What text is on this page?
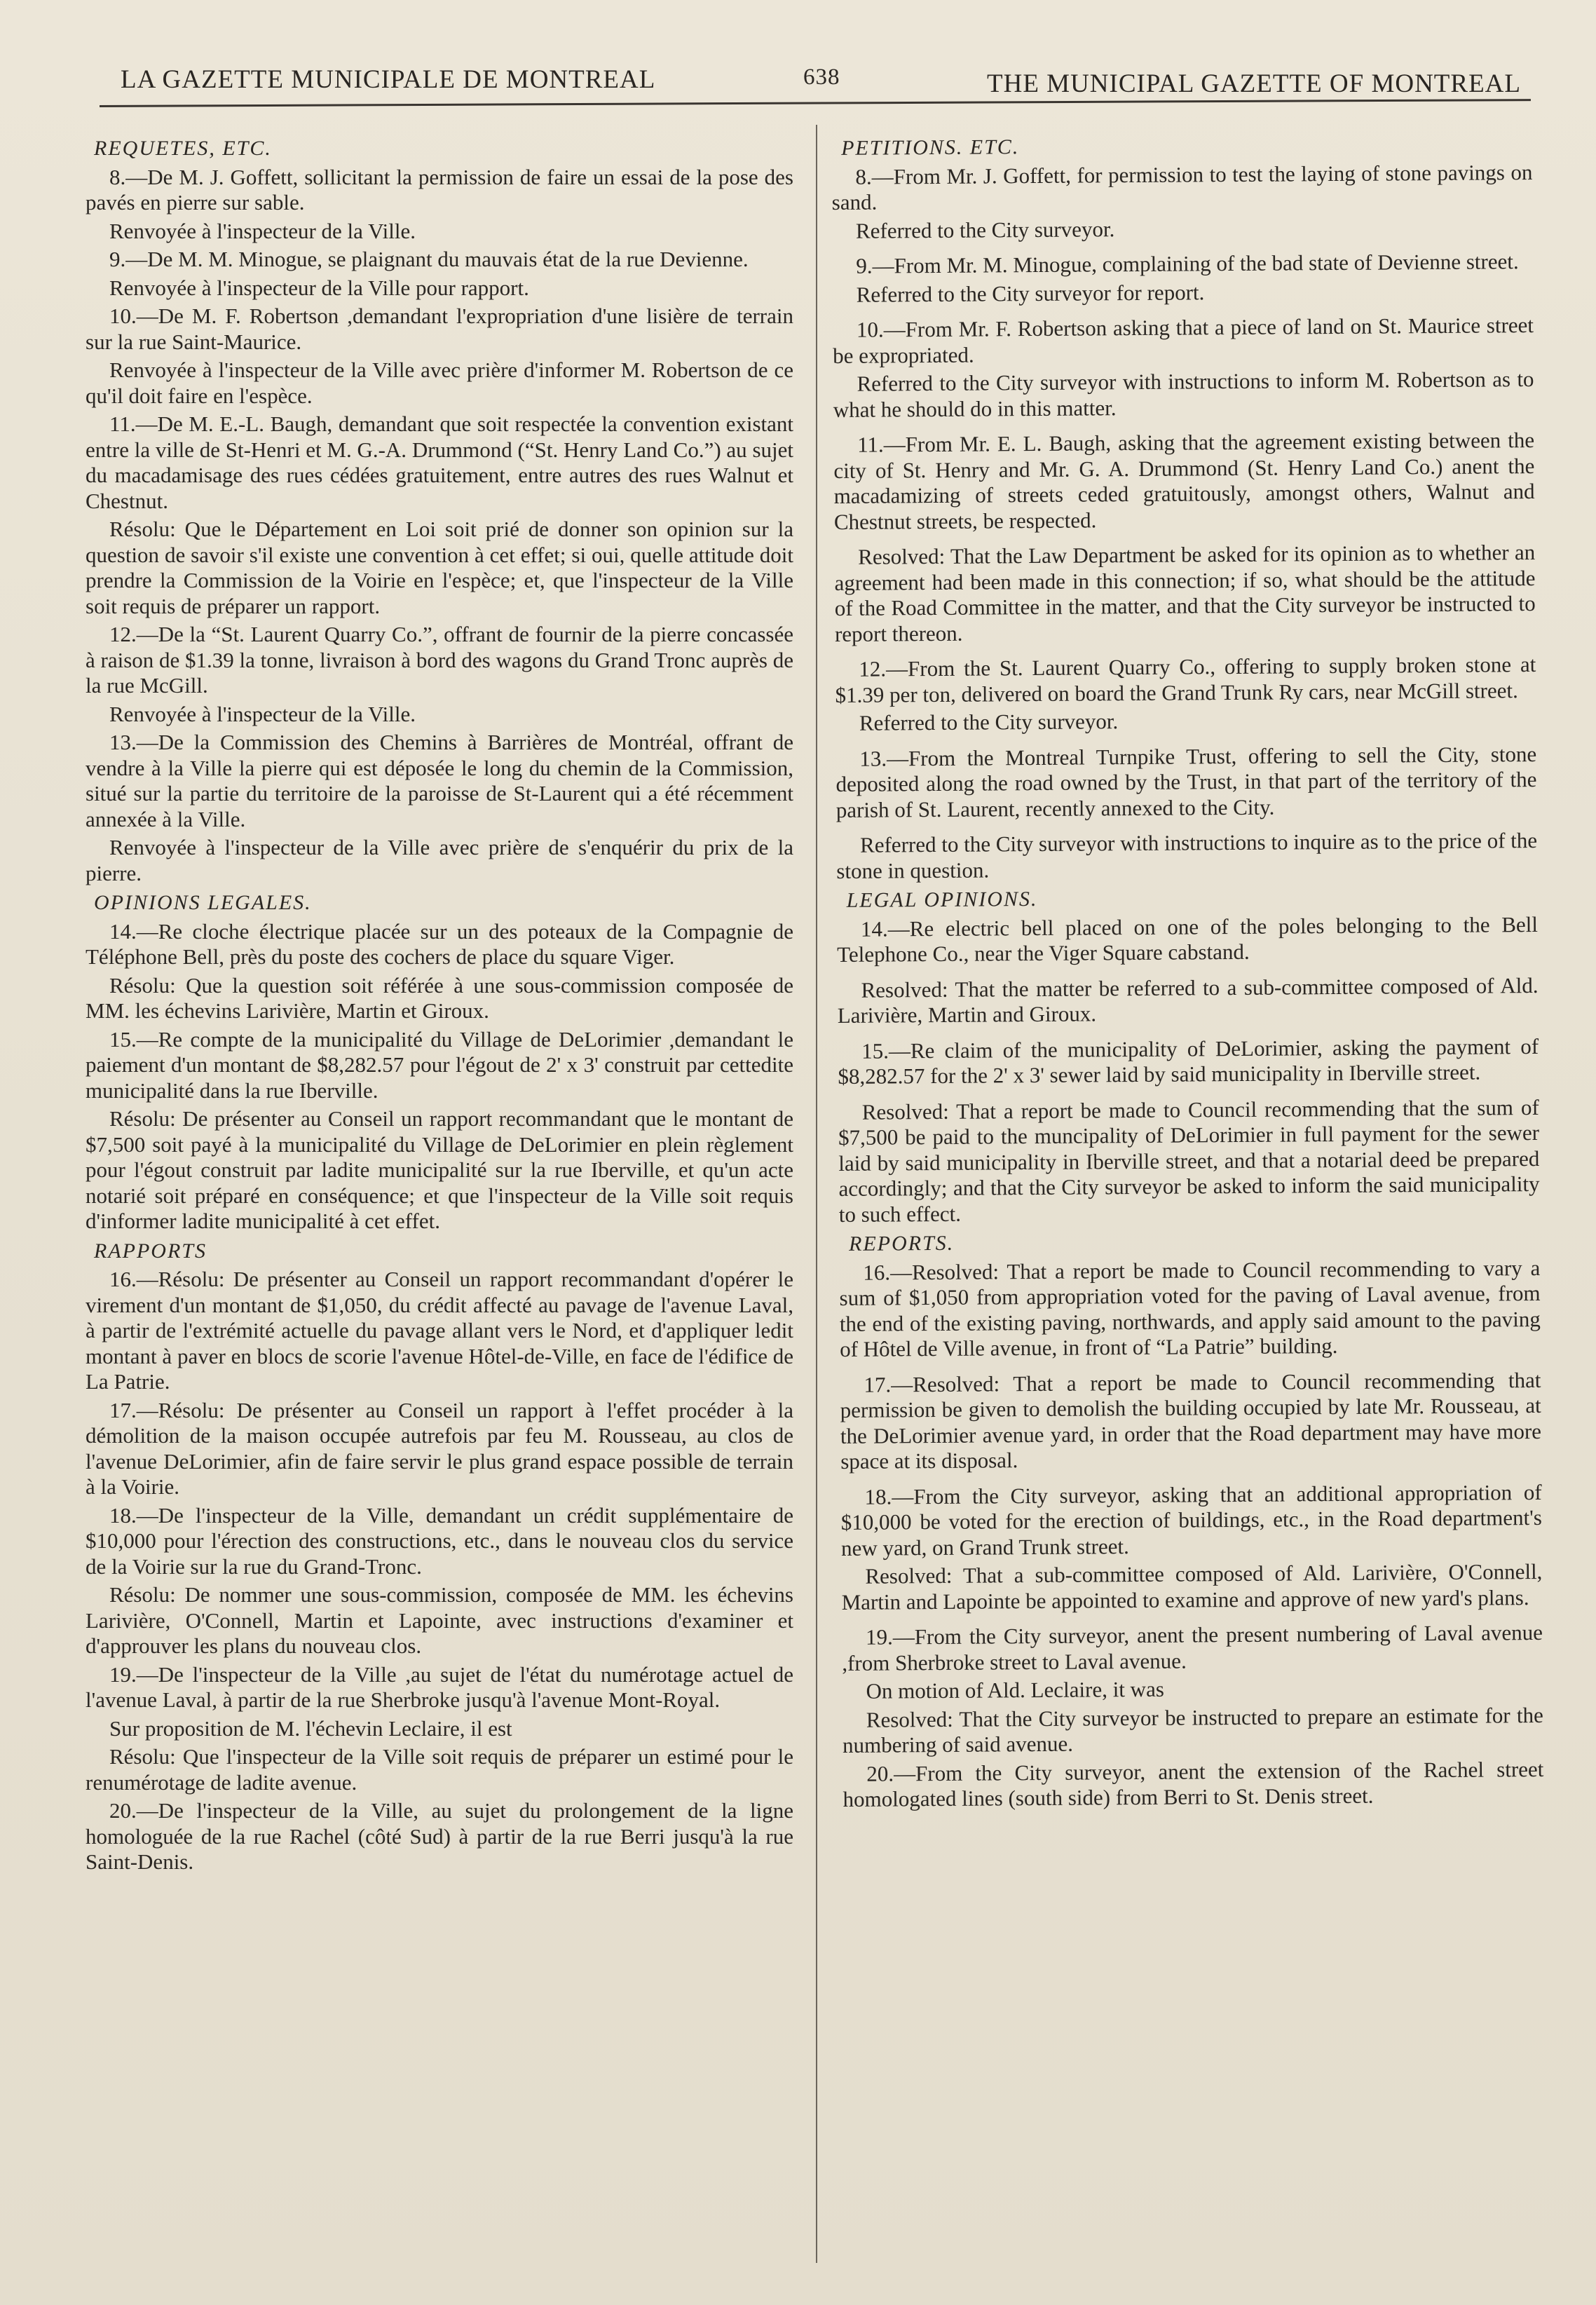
LA GAZETTE MUNICIPALE DE MONTREAL	638	THE MUNICIPAL GAZETTE OF MONTREAL
REQUETES, ETC.

8.—De M. J. Goffett, sollicitant la permission de faire un essai de la pose des pavés en pierre sur sable.

Renvoyée à l'inspecteur de la Ville.

9.—De M. M. Minogue, se plaignant du mauvais état de la rue Devienne.

Renvoyée à l'inspecteur de la Ville pour rapport.

10.—De M. F. Robertson ,demandant l'expropriation d'une lisière de terrain sur la rue Saint-Maurice.

Renvoyée à l'inspecteur de la Ville avec prière d'informer M. Robertson de ce qu'il doit faire en l'espèce.

11.—De M. E.-L. Baugh, demandant que soit respectée la convention existant entre la ville de St-Henri et M. G.-A. Drummond (“St. Henry Land Co.”) au sujet du macadamisage des rues cédées gratuitement, entre autres des rues Walnut et Chestnut.

Résolu: Que le Département en Loi soit prié de donner son opinion sur la question de savoir s'il existe une convention à cet effet; si oui, quelle attitude doit prendre la Commission de la Voirie en l'espèce; et, que l'inspecteur de la Ville soit requis de préparer un rapport.

12.—De la “St. Laurent Quarry Co.”, offrant de fournir de la pierre concassée à raison de $1.39 la tonne, livraison à bord des wagons du Grand Tronc auprès de la rue McGill.

Renvoyée à l'inspecteur de la Ville.

13.—De la Commission des Chemins à Barrières de Montréal, offrant de vendre à la Ville la pierre qui est déposée le long du chemin de la Commission, situé sur la partie du territoire de la paroisse de St-Laurent qui a été récemment annexée à la Ville.

Renvoyée à l'inspecteur de la Ville avec prière de s'enquérir du prix de la pierre.

OPINIONS LEGALES.

14.—Re cloche électrique placée sur un des poteaux de la Compagnie de Téléphone Bell, près du poste des cochers de place du square Viger.

Résolu: Que la question soit référée à une sous-commission composée de MM. les échevins Larivière, Martin et Giroux.

15.—Re compte de la municipalité du Village de DeLorimier ,demandant le paiement d'un montant de $8,282.57 pour l'égout de 2' x 3' construit par cettedite municipalité dans la rue Iberville.

Résolu: De présenter au Conseil un rapport recommandant que le montant de $7,500 soit payé à la municipalité du Village de DeLorimier en plein règlement pour l'égout construit par ladite municipalité sur la rue Iberville, et qu'un acte notarié soit préparé en conséquence; et que l'inspecteur de la Ville soit requis d'informer ladite municipalité à cet effet.

RAPPORTS

16.—Résolu: De présenter au Conseil un rapport recommandant d'opérer le virement d'un montant de $1,050, du crédit affecté au pavage de l'avenue Laval, à partir de l'extrémité actuelle du pavage allant vers le Nord, et d'appliquer ledit montant à paver en blocs de scorie l'avenue Hôtel-de-Ville, en face de l'édifice de La Patrie.

17.—Résolu: De présenter au Conseil un rapport à l'effet procéder à la démolition de la maison occupée autrefois par feu M. Rousseau, au clos de l'avenue DeLorimier, afin de faire servir le plus grand espace possible de terrain à la Voirie.

18.—De l'inspecteur de la Ville, demandant un crédit supplémentaire de $10,000 pour l'érection des constructions, etc., dans le nouveau clos du service de la Voirie sur la rue du Grand-Tronc.

Résolu: De nommer une sous-commission, composée de MM. les échevins Larivière, O'Connell, Martin et Lapointe, avec instructions d'examiner et d'approuver les plans du nouveau clos.

19.—De l'inspecteur de la Ville ,au sujet de l'état du numérotage actuel de l'avenue Laval, à partir de la rue Sherbroke jusqu'à l'avenue Mont-Royal.

Sur proposition de M. l'échevin Leclaire, il est

Résolu: Que l'inspecteur de la Ville soit requis de préparer un estimé pour le renumérotage de ladite avenue.

20.—De l'inspecteur de la Ville, au sujet du prolongement de la ligne homologuée de la rue Rachel (côté Sud) à partir de la rue Berri jusqu'à la rue Saint-Denis.

PETITIONS. ETC.

8.—From Mr. J. Goffett, for permission to test the laying of stone pavings on sand.

Referred to the City surveyor.

9.—From Mr. M. Minogue, complaining of the bad state of Devienne street.

Referred to the City surveyor for report.

10.—From Mr. F. Robertson asking that a piece of land on St. Maurice street be expropriated.

Referred to the City surveyor with instructions to inform M. Robertson as to what he should do in this matter.

11.—From Mr. E. L. Baugh, asking that the agreement existing between the city of St. Henry and Mr. G. A. Drummond (St. Henry Land Co.) anent the macadamizing of streets ceded gratuitously, amongst others, Walnut and Chestnut streets, be respected.

Resolved: That the Law Department be asked for its opinion as to whether an agreement had been made in this connection; if so, what should be the attitude of the Road Committee in the matter, and that the City surveyor be instructed to report thereon.

12.—From the St. Laurent Quarry Co., offering to supply broken stone at $1.39 per ton, delivered on board the Grand Trunk Ry cars, near McGill street.

Referred to the City surveyor.

13.—From the Montreal Turnpike Trust, offering to sell the City, stone deposited along the road owned by the Trust, in that part of the territory of the parish of St. Laurent, recently annexed to the City.

Referred to the City surveyor with instructions to inquire as to the price of the stone in question.

LEGAL OPINIONS.

14.—Re electric bell placed on one of the poles belonging to the Bell Telephone Co., near the Viger Square cabstand.

Resolved: That the matter be referred to a sub-committee composed of Ald. Larivière, Martin and Giroux.

15.—Re claim of the municipality of DeLorimier, asking the payment of $8,282.57 for the 2' x 3' sewer laid by said municipality in Iberville street.

Resolved: That a report be made to Council recommending that the sum of $7,500 be paid to the muncipality of DeLorimier in full payment for the sewer laid by said municipality in Iberville street, and that a notarial deed be prepared accordingly; and that the City surveyor be asked to inform the said municipality to such effect.

REPORTS.

16.—Resolved: That a report be made to Council recommending to vary a sum of $1,050 from appropriation voted for the paving of Laval avenue, from the end of the existing paving, northwards, and apply said amount to the paving of Hôtel de Ville avenue, in front of “La Patrie” building.

17.—Resolved: That a report be made to Council recommending that permission be given to demolish the building occupied by late Mr. Rousseau, at the DeLorimier avenue yard, in order that the Road department may have more space at its disposal.

18.—From the City surveyor, asking that an additional appropriation of $10,000 be voted for the erection of buildings, etc., in the Road department's new yard, on Grand Trunk street.

Resolved: That a sub-committee composed of Ald. Larivière, O'Connell, Martin and Lapointe be appointed to examine and approve of new yard's plans.

19.—From the City surveyor, anent the present numbering of Laval avenue ,from Sherbroke street to Laval avenue.

On motion of Ald. Leclaire, it was

Resolved: That the City surveyor be instructed to prepare an estimate for the numbering of said avenue.

20.—From the City surveyor, anent the extension of the Rachel street homologated lines (south side) from Berri to St. Denis street.
